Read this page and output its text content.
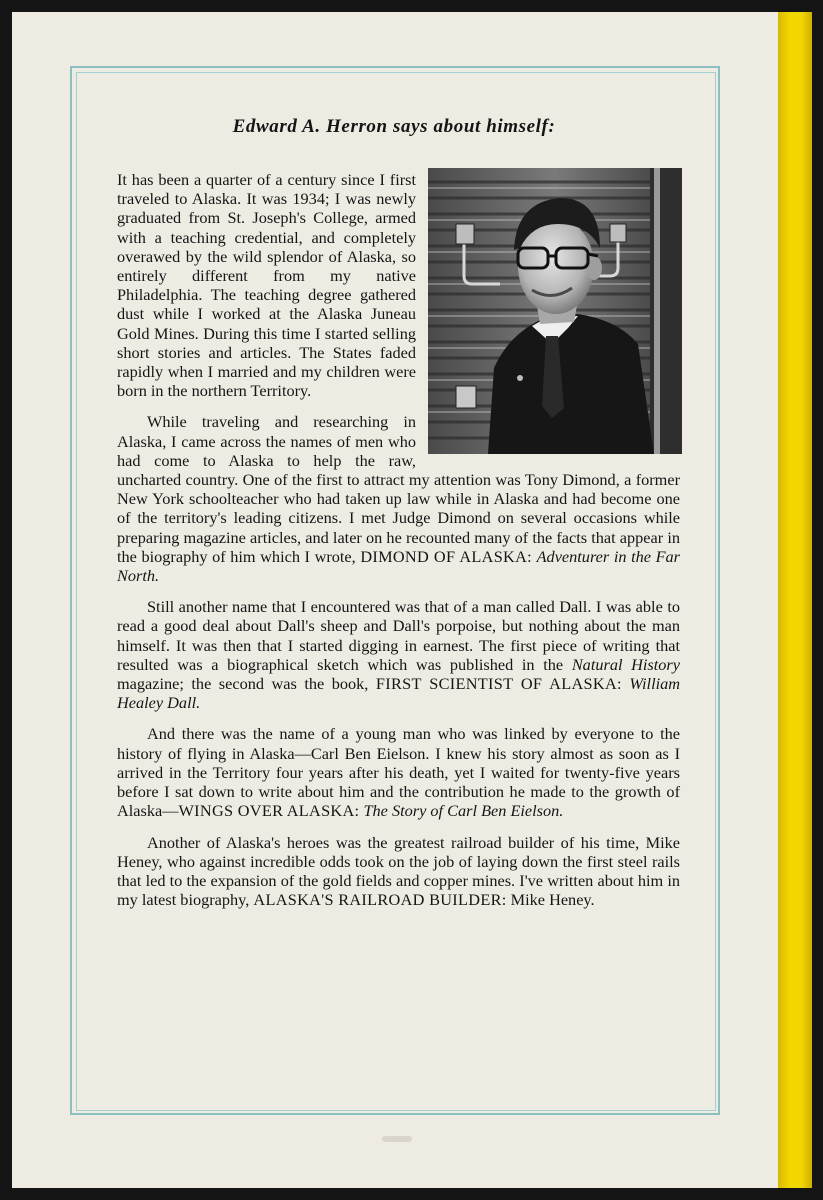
Edward A. Herron says about himself:

It has been a quarter of a century since I first traveled to Alaska. It was 1934; I was newly graduated from St. Joseph's College, armed with a teaching credential, and completely overawed by the wild splendor of Alaska, so entirely different from my native Philadelphia. The teaching degree gathered dust while I worked at the Alaska Juneau Gold Mines. During this time I started selling short stories and articles. The States faded rapidly when I married and my children were born in the northern Territory.

While traveling and researching in Alaska, I came across the names of men who had come to Alaska to help the raw, uncharted country. One of the first to attract my attention was Tony Dimond, a former New York schoolteacher who had taken up law while in Alaska and had become one of the territory's leading citizens. I met Judge Dimond on several occasions while preparing magazine articles, and later on he recounted many of the facts that appear in the biography of him which I wrote, DIMOND OF ALASKA: Adventurer in the Far North.

Still another name that I encountered was that of a man called Dall. I was able to read a good deal about Dall's sheep and Dall's porpoise, but nothing about the man himself. It was then that I started digging in earnest. The first piece of writing that resulted was a biographical sketch which was published in the Natural History magazine; the second was the book, FIRST SCIENTIST OF ALASKA: William Healey Dall.

And there was the name of a young man who was linked by everyone to the history of flying in Alaska—Carl Ben Eielson. I knew his story almost as soon as I arrived in the Territory four years after his death, yet I waited for twenty-five years before I sat down to write about him and the contribution he made to the growth of Alaska—WINGS OVER ALASKA: The Story of Carl Ben Eielson.

Another of Alaska's heroes was the greatest railroad builder of his time, Mike Heney, who against incredible odds took on the job of laying down the first steel rails that led to the expansion of the gold fields and copper mines. I've written about him in my latest biography, ALASKA'S RAILROAD BUILDER: Mike Heney.
